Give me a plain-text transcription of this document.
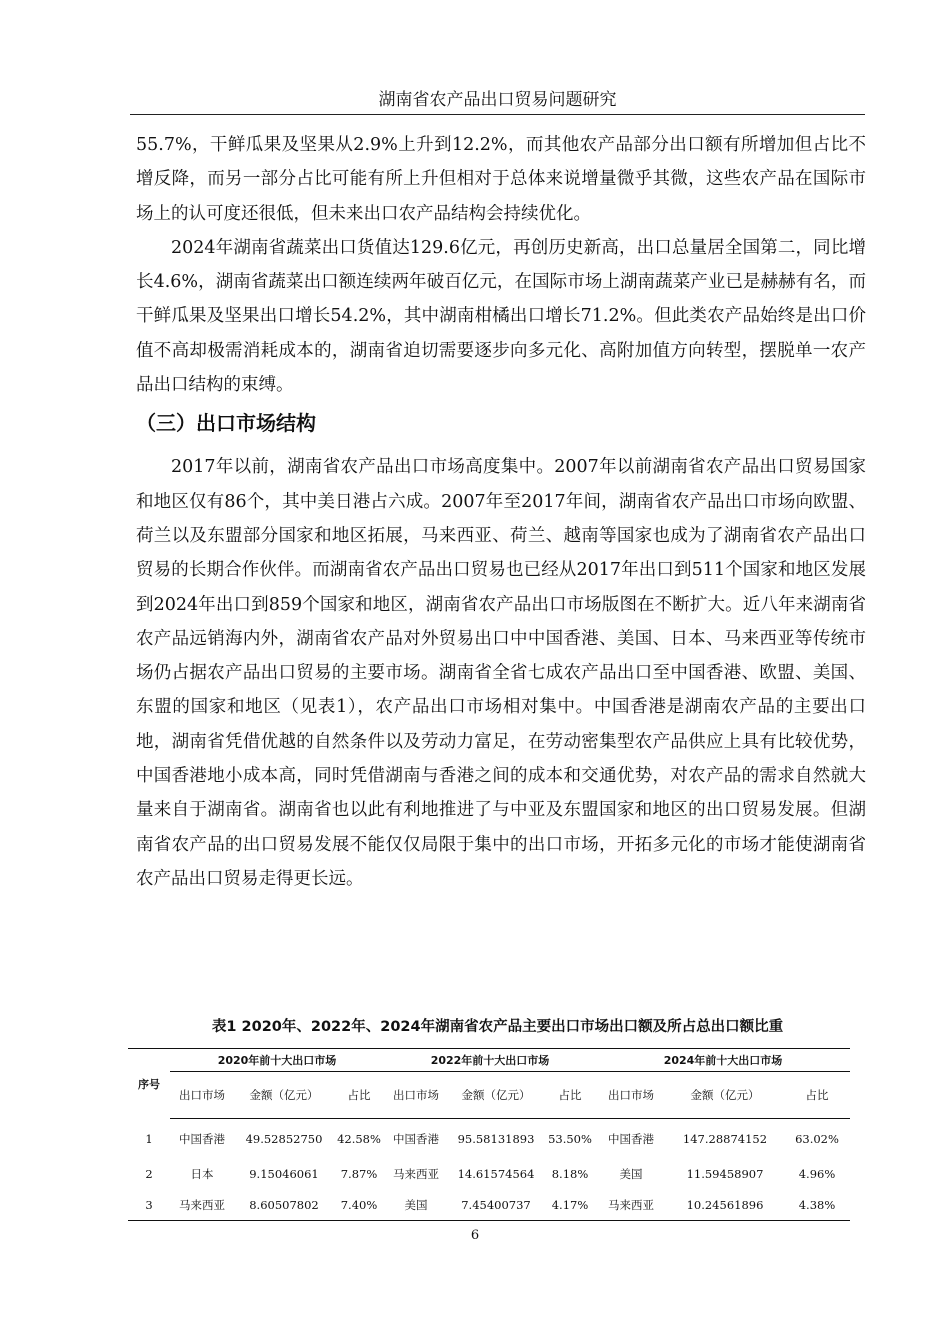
湖南省农产品出口贸易问题研究

55.7%，干鲜瓜果及坚果从2.9%上升到12.2%，而其他农产品部分出口额有所增加但占比不增反降，而另一部分占比可能有所上升但相对于总体来说增量微乎其微，这些农产品在国际市场上的认可度还很低，但未来出口农产品结构会持续优化。

2024年湖南省蔬菜出口货值达129.6亿元，再创历史新高，出口总量居全国第二，同比增长4.6%，湖南省蔬菜出口额连续两年破百亿元，在国际市场上湖南蔬菜产业已是赫赫有名，而干鲜瓜果及坚果出口增长54.2%，其中湖南柑橘出口增长71.2%。但此类农产品始终是出口价值不高却极需消耗成本的，湖南省迫切需要逐步向多元化、高附加值方向转型，摆脱单一农产品出口结构的束缚。

（三）出口市场结构

2017年以前，湖南省农产品出口市场高度集中。2007年以前湖南省农产品出口贸易国家和地区仅有86个，其中美日港占六成。2007年至2017年间，湖南省农产品出口市场向欧盟、荷兰以及东盟部分国家和地区拓展，马来西亚、荷兰、越南等国家也成为了湖南省农产品出口贸易的长期合作伙伴。而湖南省农产品出口贸易也已经从2017年出口到511个国家和地区发展到2024年出口到859个国家和地区，湖南省农产品出口市场版图在不断扩大。近八年来湖南省农产品远销海内外，湖南省农产品对外贸易出口中中国香港、美国、日本、马来西亚等传统市场仍占据农产品出口贸易的主要市场。湖南省全省七成农产品出口至中国香港、欧盟、美国、东盟的国家和地区（见表1），农产品出口市场相对集中。中国香港是湖南农产品的主要出口地，湖南省凭借优越的自然条件以及劳动力富足，在劳动密集型农产品供应上具有比较优势，中国香港地小成本高，同时凭借湖南与香港之间的成本和交通优势，对农产品的需求自然就大量来自于湖南省。湖南省也以此有利地推进了与中亚及东盟国家和地区的出口贸易发展。但湖南省农产品的出口贸易发展不能仅仅局限于集中的出口市场，开拓多元化的市场才能使湖南省农产品出口贸易走得更长远。

表1 2020年、2022年、2024年湖南省农产品主要出口市场出口额及所占总出口额比重
序号	2020年前十大出口市场			2022年前十大出口市场			2024年前十大出口市场		
	出口市场	金额（亿元）	占比	出口市场	金额（亿元）	占比	出口市场	金额（亿元）	占比
1	中国香港	49.52852750	42.58%	中国香港	95.58131893	53.50%	中国香港	147.28874152	63.02%
2	日本	9.15046061	7.87%	马来西亚	14.61574564	8.18%	美国	11.59458907	4.96%
3	马来西亚	8.60507802	7.40%	美国	7.45400737	4.17%	马来西亚	10.24561896	4.38%
6
